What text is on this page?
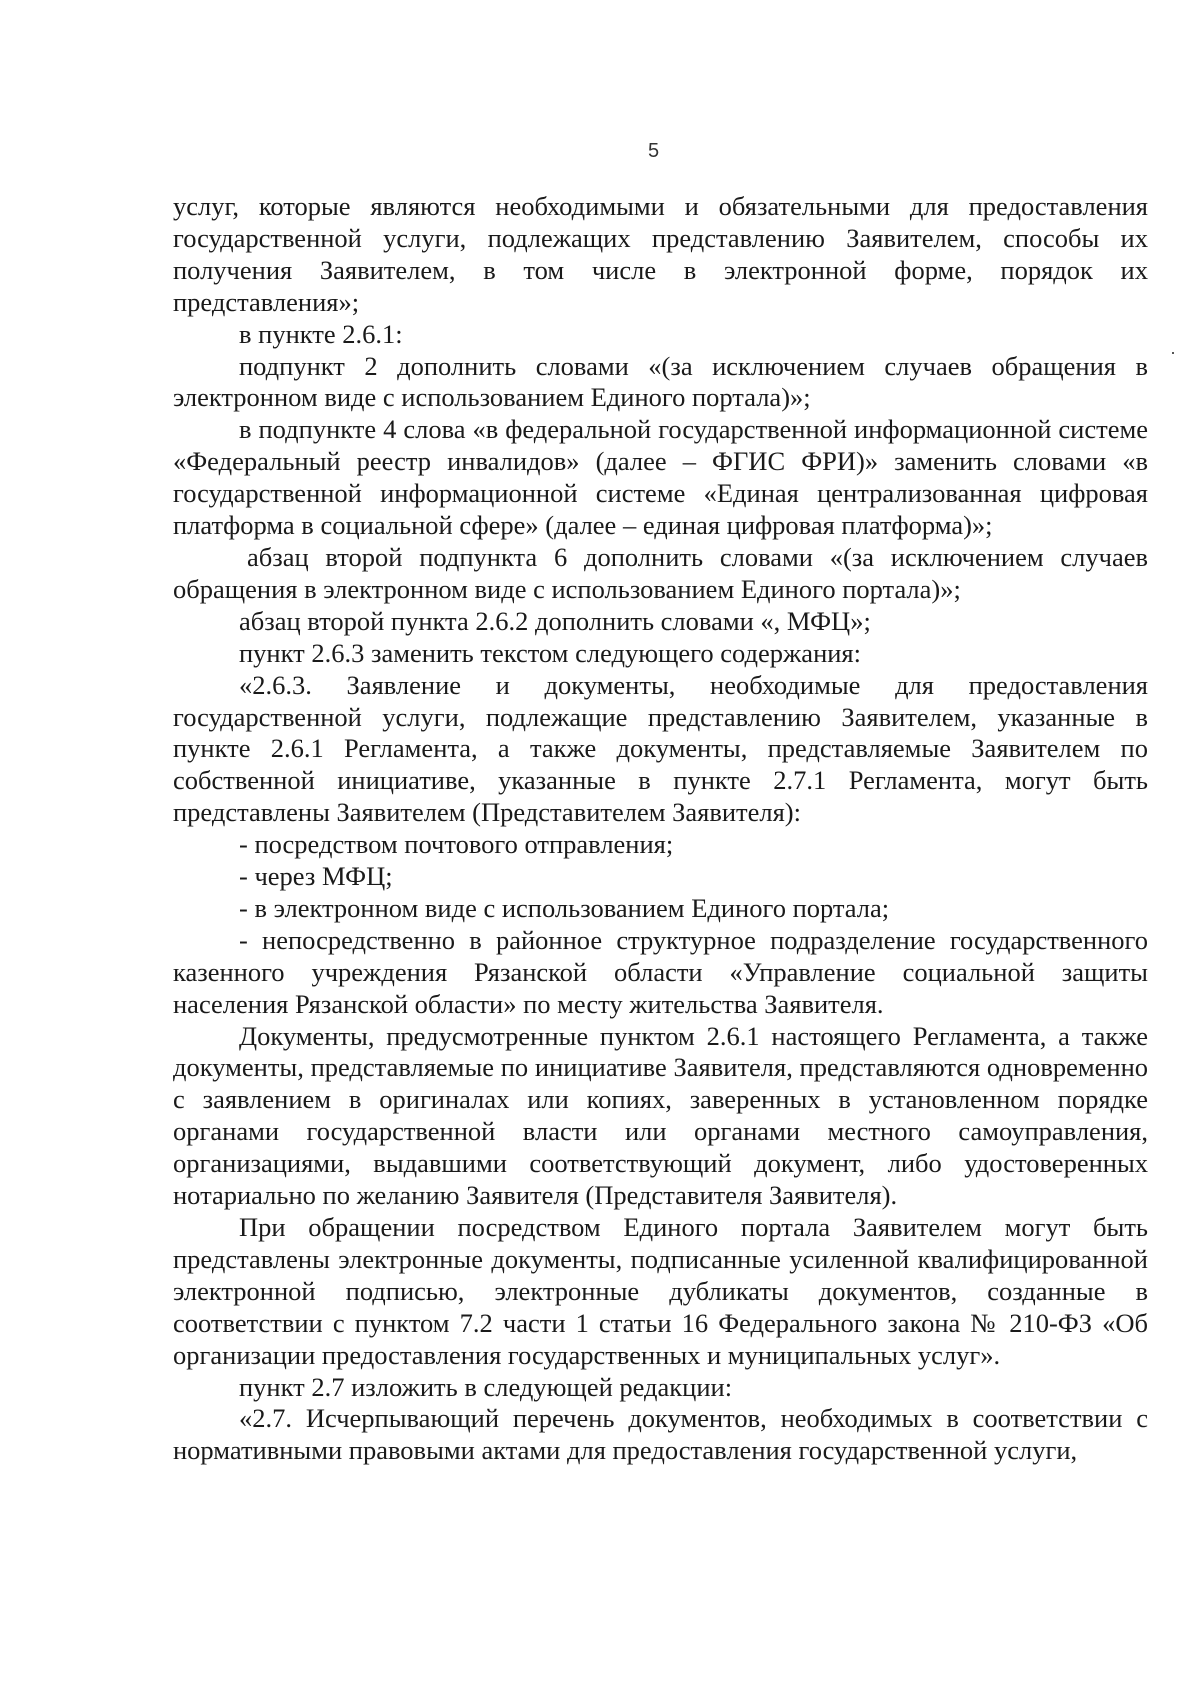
5

услуг, которые являются необходимыми и обязательными для предоставления государственной услуги, подлежащих представлению Заявителем, способы их получения Заявителем, в том числе в электронной форме, порядок их представления»;

в пункте 2.6.1:

подпункт 2 дополнить словами «(за исключением случаев обращения в электронном виде с использованием Единого портала)»;

в подпункте 4 слова «в федеральной государственной информационной системе «Федеральный реестр инвалидов» (далее – ФГИС ФРИ)» заменить словами «в государственной информационной системе «Единая централизованная цифровая платформа в социальной сфере» (далее – единая цифровая платформа)»;

абзац второй подпункта 6 дополнить словами «(за исключением случаев обращения в электронном виде с использованием Единого портала)»;

абзац второй пункта 2.6.2 дополнить словами «, МФЦ»;

пункт 2.6.3 заменить текстом следующего содержания:

«2.6.3. Заявление и документы, необходимые для предоставления государственной услуги, подлежащие представлению Заявителем, указанные в пункте 2.6.1 Регламента, а также документы, представляемые Заявителем по собственной инициативе, указанные в пункте 2.7.1 Регламента, могут быть представлены Заявителем (Представителем Заявителя):

- посредством почтового отправления;

- через МФЦ;

- в электронном виде с использованием Единого портала;

- непосредственно в районное структурное подразделение государственного казенного учреждения Рязанской области «Управление социальной защиты населения Рязанской области» по месту жительства Заявителя.

Документы, предусмотренные пунктом 2.6.1 настоящего Регламента, а также документы, представляемые по инициативе Заявителя, представляются одновременно с заявлением в оригиналах или копиях, заверенных в установленном порядке органами государственной власти или органами местного самоуправления, организациями, выдавшими соответствующий документ, либо удостоверенных нотариально по желанию Заявителя (Представителя Заявителя).

При обращении посредством Единого портала Заявителем могут быть представлены электронные документы, подписанные усиленной квалифицированной электронной подписью, электронные дубликаты документов, созданные в соответствии с пунктом 7.2 части 1 статьи 16 Федерального закона № 210-ФЗ «Об организации предоставления государственных и муниципальных услуг».

пункт 2.7 изложить в следующей редакции:

«2.7. Исчерпывающий перечень документов, необходимых в соответствии с нормативными правовыми актами для предоставления государственной услуги,
